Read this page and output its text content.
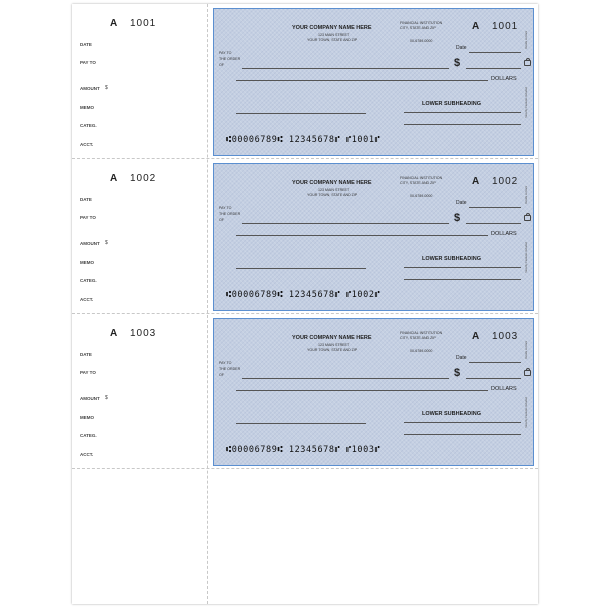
A 1001
DATE
PAY TO
AMOUNT $
MEMO
CATEG.
ACCT.
YOUR COMPANY NAME HERE
123 MAIN STREET
YOUR TOWN, STATE AND ZIP
FINANCIAL INSTITUTION
CITY, STATE AND ZIP
00-6789-0000
A 1001
Date
PAY TO
THE ORDER
OF	$
DOLLARS
Details on back
Security Features Included
LOWER SUBHEADING
⑆00006789⑆ 12345678⑈ ⑈1001⑈
A 1002
DATE
PAY TO
AMOUNT $
MEMO
CATEG.
ACCT.
YOUR COMPANY NAME HERE
123 MAIN STREET
YOUR TOWN, STATE AND ZIP
FINANCIAL INSTITUTION
CITY, STATE AND ZIP
00-6789-0000
A 1002
Date
PAY TO
THE ORDER
OF	$
DOLLARS
Details on back
Security Features Included
LOWER SUBHEADING
⑆00006789⑆ 12345678⑈ ⑈1002⑈
A 1003
DATE
PAY TO
AMOUNT $
MEMO
CATEG.
ACCT.
YOUR COMPANY NAME HERE
123 MAIN STREET
YOUR TOWN, STATE AND ZIP
FINANCIAL INSTITUTION
CITY, STATE AND ZIP
00-6789-0000
A 1003
Date
PAY TO
THE ORDER
OF	$
DOLLARS
Details on back
Security Features Included
LOWER SUBHEADING
⑆00006789⑆ 12345678⑈ ⑈1003⑈
